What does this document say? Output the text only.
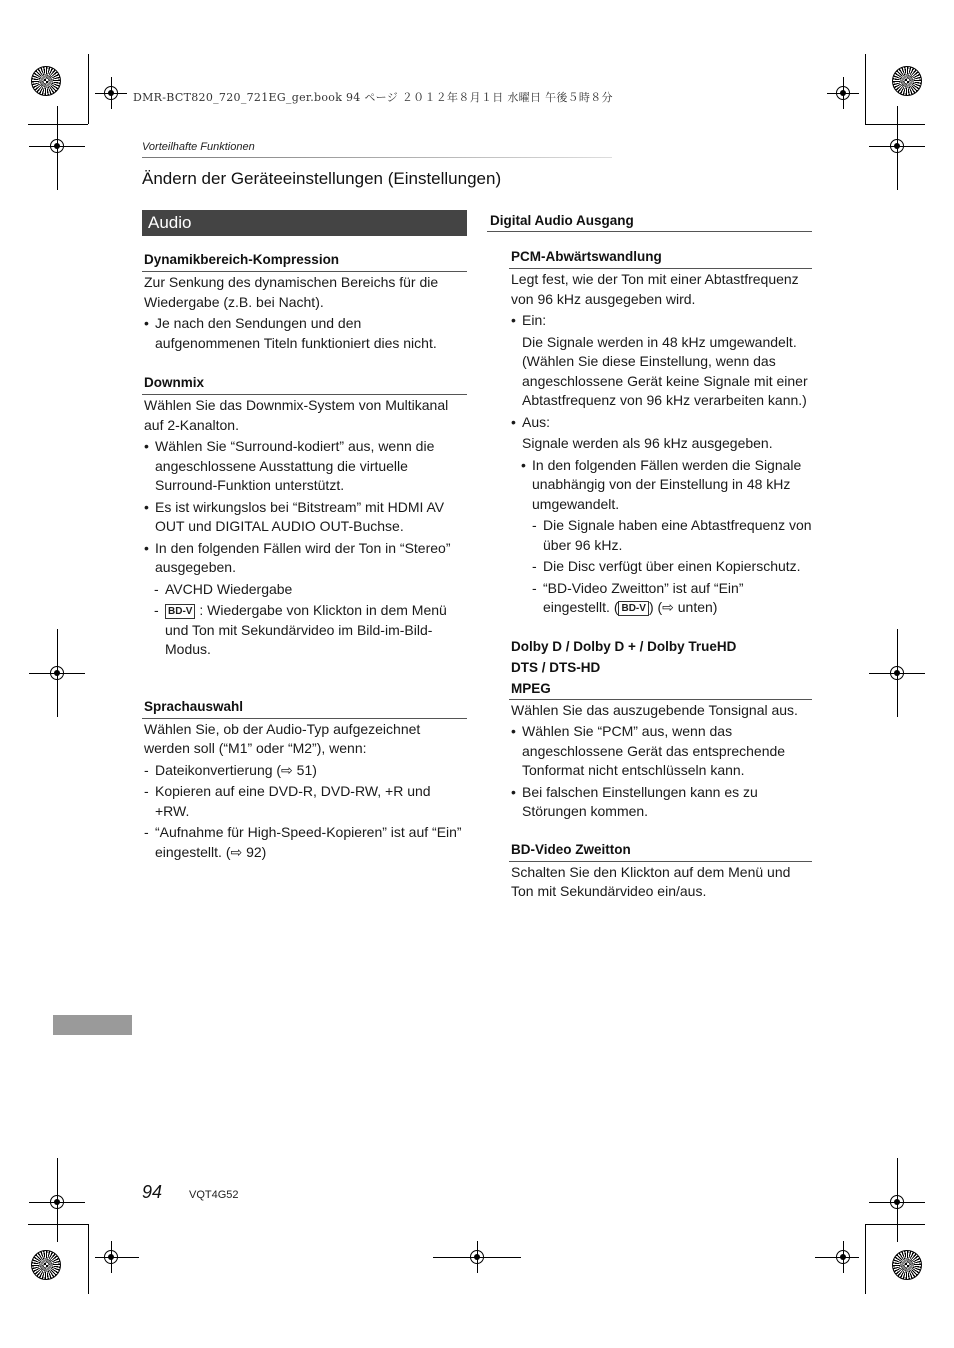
DMR-BCT820_720_721EG_ger.book 94 ページ ２０１２年８月１日 水曜日 午後５時８分
Vorteilhafte Funktionen
Ändern der Geräteeinstellungen (Einstellungen)
Audio
Dynamikbereich-Kompression

Zur Senkung des dynamischen Bereichs für die Wiedergabe (z.B. bei Nacht).

• Je nach den Sendungen und den aufgenommenen Titeln funktioniert dies nicht.
Downmix

Wählen Sie das Downmix-System von Multikanal auf 2-Kanalton.

• Wählen Sie “Surround-kodiert” aus, wenn die angeschlossene Ausstattung die virtuelle Surround-Funktion unterstützt.
• Es ist wirkungslos bei “Bitstream” mit HDMI AV OUT und DIGITAL AUDIO OUT-Buchse.
• In den folgenden Fällen wird der Ton in “Stereo” ausgegeben.
- AVCHD Wiedergabe
- BD-V : Wiedergabe von Klickton in dem Menü und Ton mit Sekundärvideo im Bild-im-Bild-Modus.
Sprachauswahl

Wählen Sie, ob der Audio-Typ aufgezeichnet werden soll (“M1” oder “M2”), wenn:

- Dateikonvertierung (⇨ 51)
- Kopieren auf eine DVD-R, DVD-RW, +R und +RW.
- “Aufnahme für High-Speed-Kopieren” ist auf “Ein” eingestellt. (⇨ 92)
Digital Audio Ausgang
PCM-Abwärtswandlung

Legt fest, wie der Ton mit einer Abtastfrequenz von 96 kHz ausgegeben wird.

• Ein:
Die Signale werden in 48 kHz umgewandelt.
(Wählen Sie diese Einstellung, wenn das angeschlossene Gerät keine Signale mit einer Abtastfrequenz von 96 kHz verarbeiten kann.)
• Aus:
Signale werden als 96 kHz ausgegeben.
• In den folgenden Fällen werden die Signale unabhängig von der Einstellung in 48 kHz umgewandelt.
- Die Signale haben eine Abtastfrequenz von über 96 kHz.
- Die Disc verfügt über einen Kopierschutz.
- “BD-Video Zweitton” ist auf “Ein” eingestellt. ( BD-V ) (⇨ unten)
Dolby D / Dolby D + / Dolby TrueHD
DTS / DTS-HD
MPEG

Wählen Sie das auszugebende Tonsignal aus.

• Wählen Sie “PCM” aus, wenn das angeschlossene Gerät das entsprechende Tonformat nicht entschlüsseln kann.
• Bei falschen Einstellungen kann es zu Störungen kommen.
BD-Video Zweitton

Schalten Sie den Klickton auf dem Menü und Ton mit Sekundärvideo ein/aus.

94 VQT4G52
